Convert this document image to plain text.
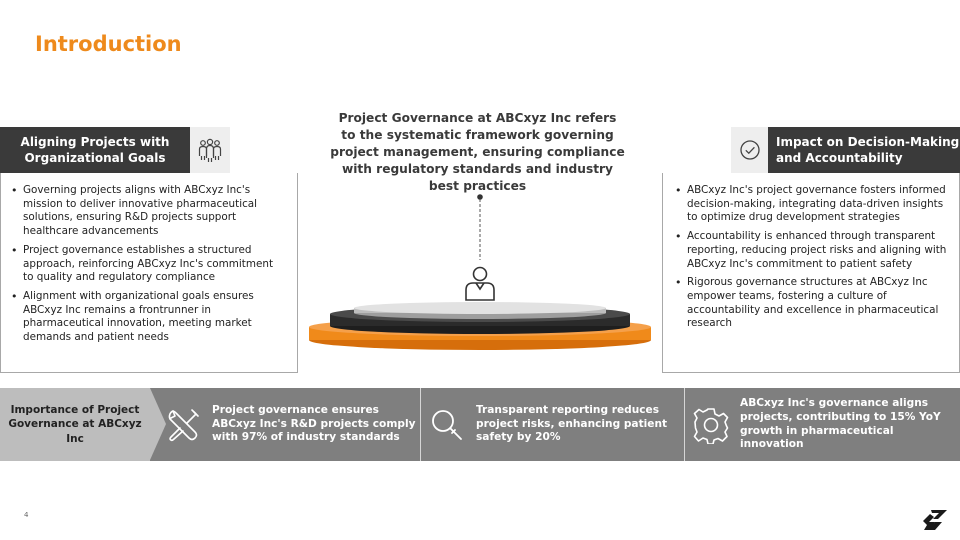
Introduction
Aligning Projects with Organizational Goals
• Governing projects aligns with ABCxyz Inc's mission to deliver innovative pharmaceutical solutions, ensuring R&D projects support healthcare advancements
• Project governance establishes a structured approach, reinforcing ABCxyz Inc's commitment to quality and regulatory compliance
• Alignment with organizational goals ensures ABCxyz Inc remains a frontrunner in pharmaceutical innovation, meeting market demands and patient needs
Project Governance at ABCxyz Inc refers to the systematic framework governing project management, ensuring compliance with regulatory standards and industry best practices
Impact on Decision-Making and Accountability
• ABCxyz Inc's project governance fosters informed decision-making, integrating data-driven insights to optimize drug development strategies
• Accountability is enhanced through transparent reporting, reducing project risks and aligning with ABCxyz Inc's commitment to patient safety
• Rigorous governance structures at ABCxyz Inc empower teams, fostering a culture of accountability and excellence in pharmaceutical research
Importance of Project Governance at ABCxyz Inc
Project governance ensures ABCxyz Inc's R&D projects comply with 97% of industry standards
Transparent reporting reduces project risks, enhancing patient safety by 20%
ABCxyz Inc's governance aligns projects, contributing to 15% YoY growth in pharmaceutical innovation
4
